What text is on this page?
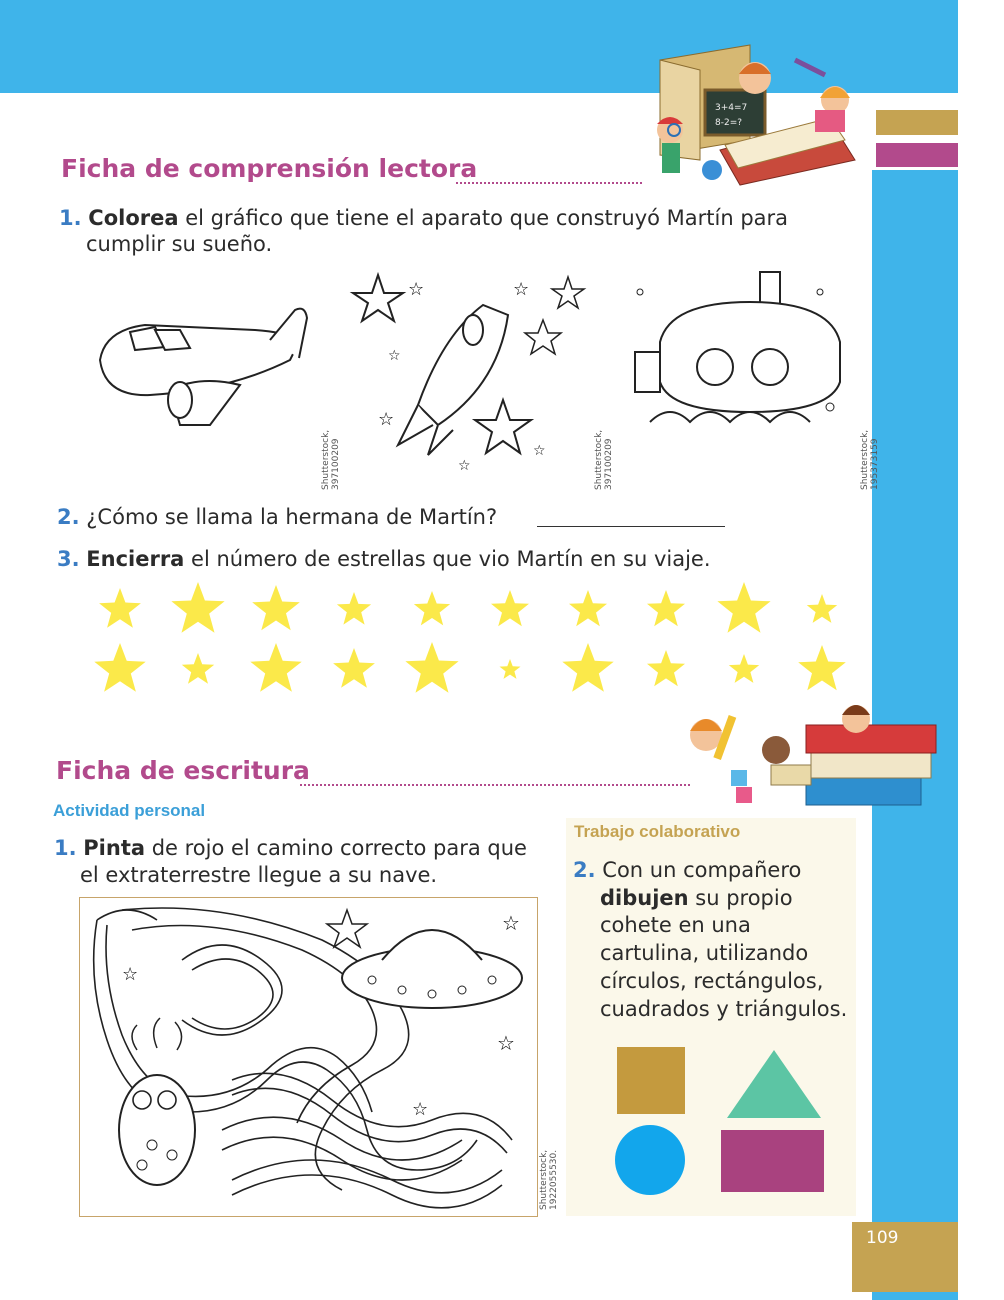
109
3+4=7
8-2=?
Ficha de comprensión lectora
1. Colorea el gráfico que tiene el aparato que construyó Martín para
cumplir su sueño.
Shutterstock, 397100209
☆
☆
☆
☆
☆
☆	Shutterstock, 397100209	Shutterstock, 195373159
2. ¿Cómo se llama la hermana de Martín?
3. Encierra el número de estrellas que vio Martín en su viaje.
Ficha de escritura
Actividad personal
1. Pinta de rojo el camino correcto para que
el extraterrestre llegue a su nave.
☆
☆
☆
☆
Shutterstock, 1922055530.
Trabajo colaborativo
2. Con un compañero
dibujen su propio
cohete en una
cartulina, utilizando
círculos, rectángulos,
cuadrados y triángulos.
